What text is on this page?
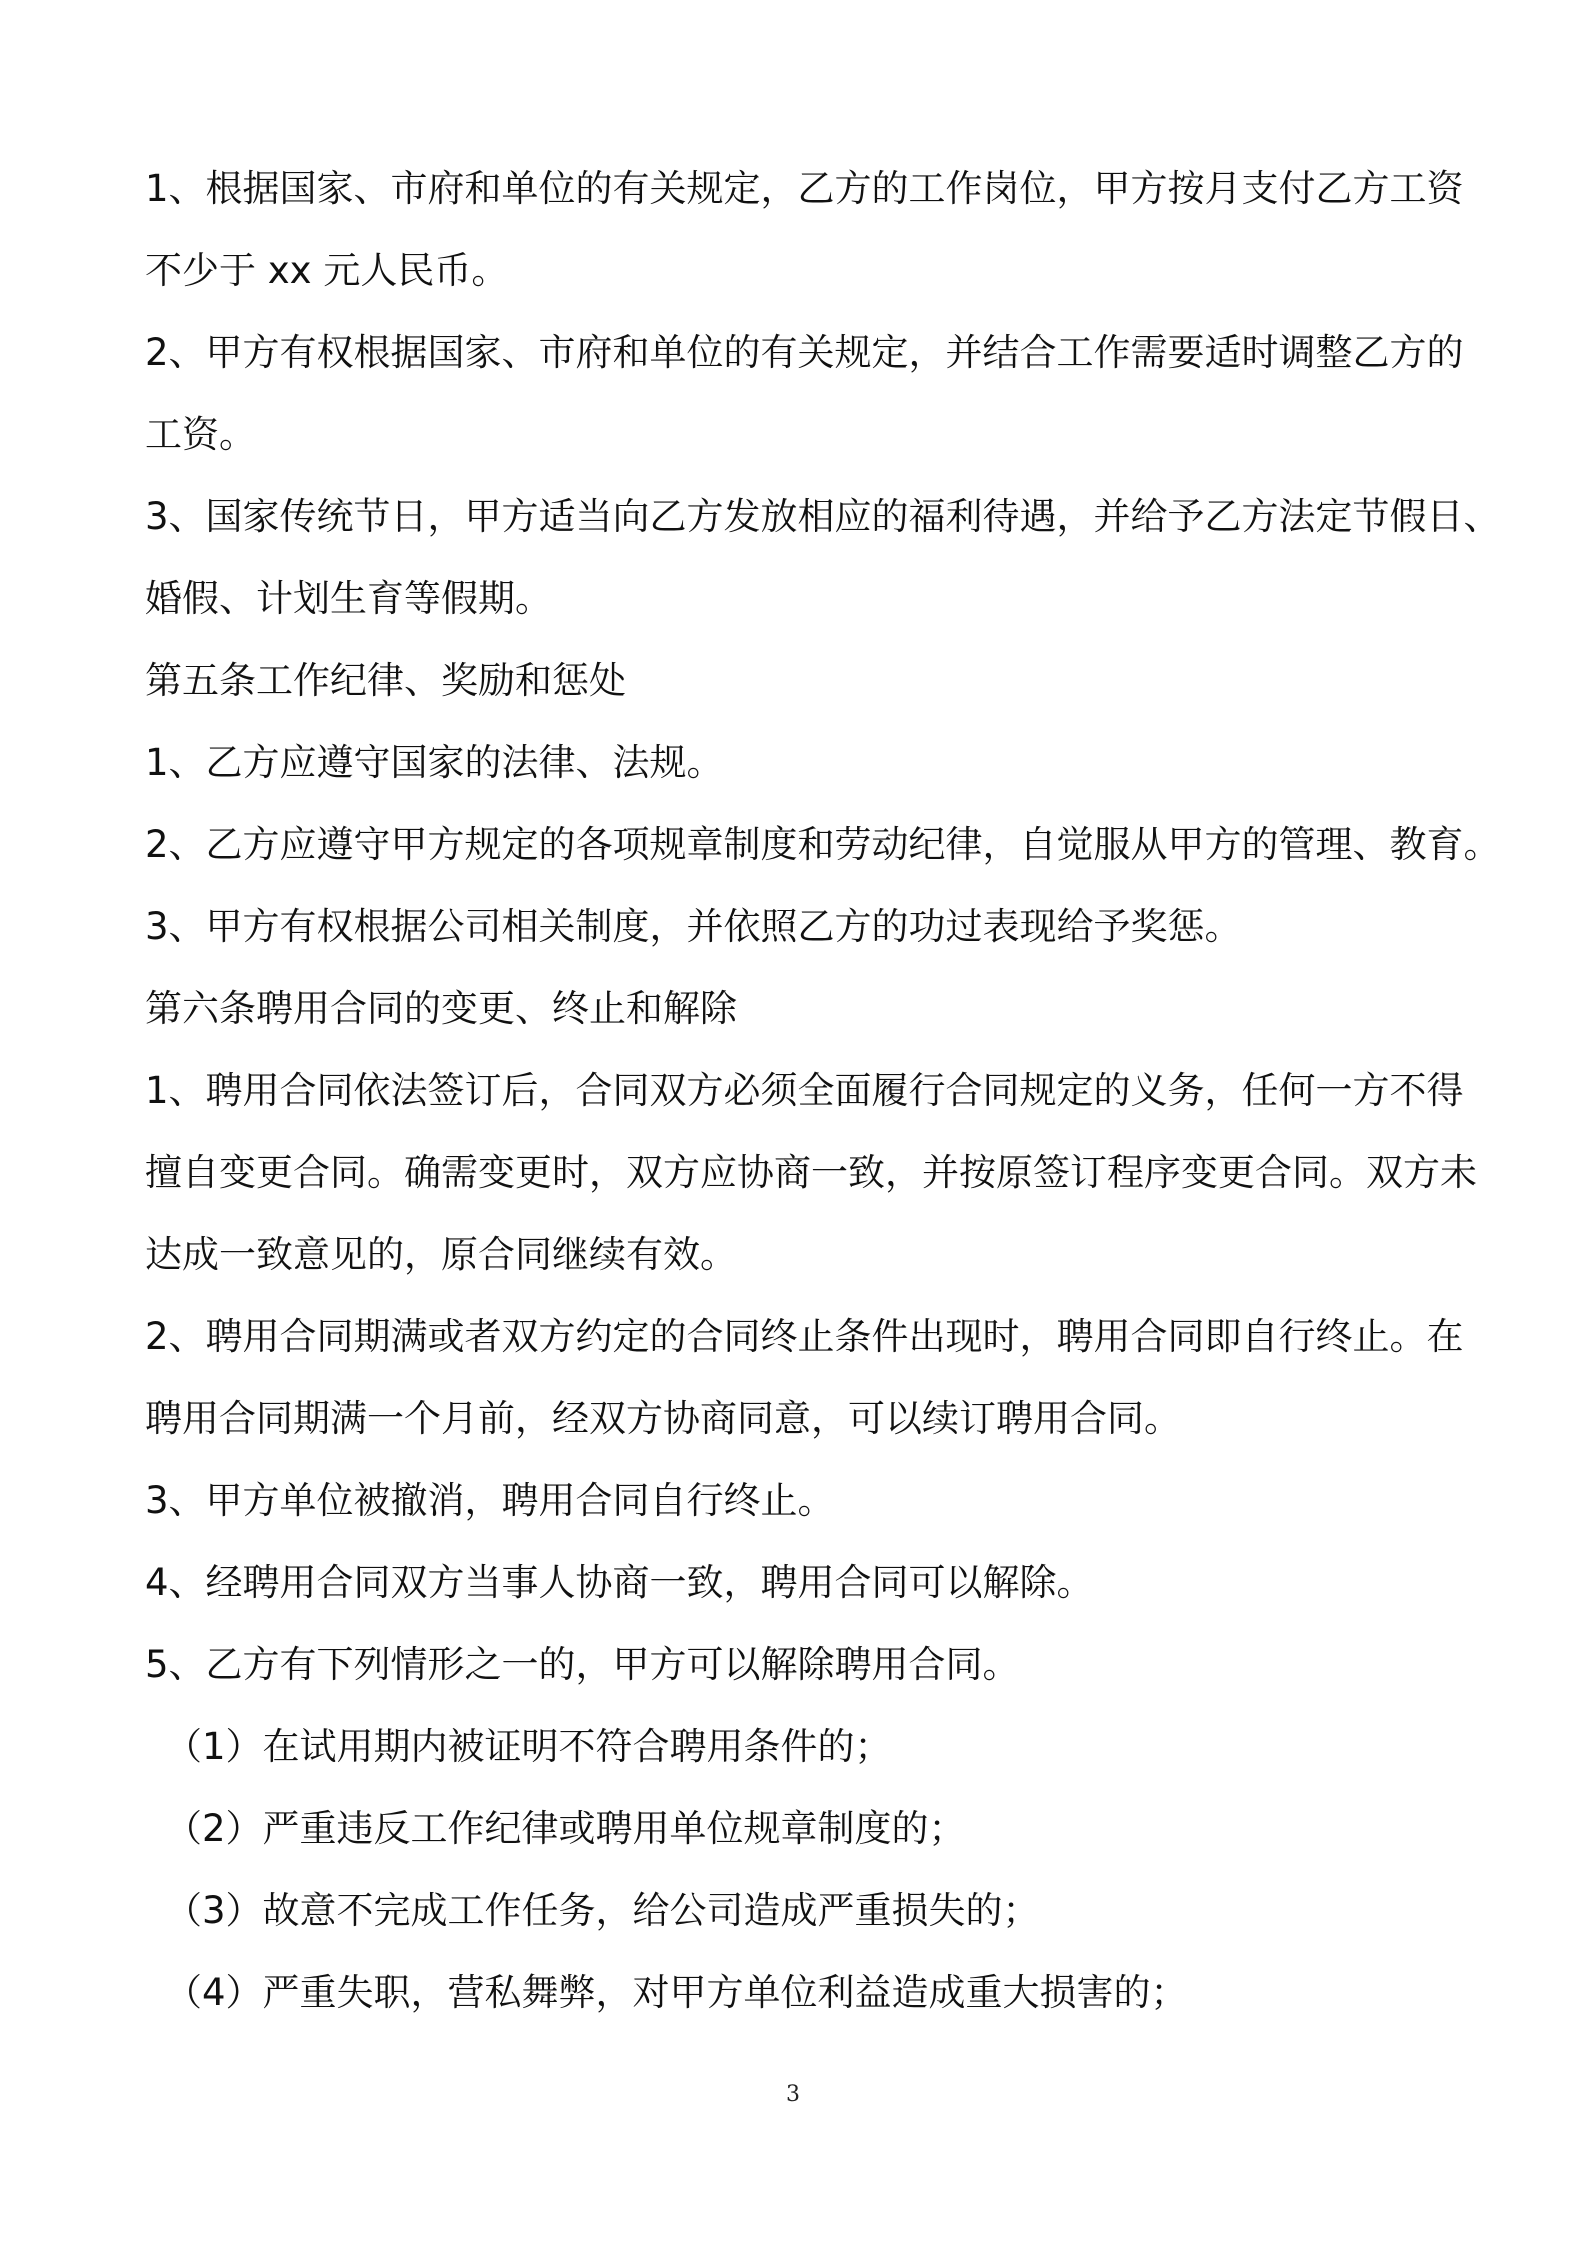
1、根据国家、市府和单位的有关规定，乙方的工作岗位，甲方按月支付乙方工资
不少于 xx 元人民币。
2、甲方有权根据国家、市府和单位的有关规定，并结合工作需要适时调整乙方的
工资。
3、国家传统节日，甲方适当向乙方发放相应的福利待遇，并给予乙方法定节假日、
婚假、计划生育等假期。
第五条工作纪律、奖励和惩处
1、乙方应遵守国家的法律、法规。
2、乙方应遵守甲方规定的各项规章制度和劳动纪律，自觉服从甲方的管理、教育。
3、甲方有权根据公司相关制度，并依照乙方的功过表现给予奖惩。
第六条聘用合同的变更、终止和解除
1、聘用合同依法签订后，合同双方必须全面履行合同规定的义务，任何一方不得
擅自变更合同。确需变更时，双方应协商一致，并按原签订程序变更合同。双方未
达成一致意见的，原合同继续有效。
2、聘用合同期满或者双方约定的合同终止条件出现时，聘用合同即自行终止。在
聘用合同期满一个月前，经双方协商同意，可以续订聘用合同。
3、甲方单位被撤消，聘用合同自行终止。
4、经聘用合同双方当事人协商一致，聘用合同可以解除。
5、乙方有下列情形之一的，甲方可以解除聘用合同。
（1）在试用期内被证明不符合聘用条件的；
（2）严重违反工作纪律或聘用单位规章制度的；
（3）故意不完成工作任务，给公司造成严重损失的；
（4）严重失职，营私舞弊，对甲方单位利益造成重大损害的；
3
